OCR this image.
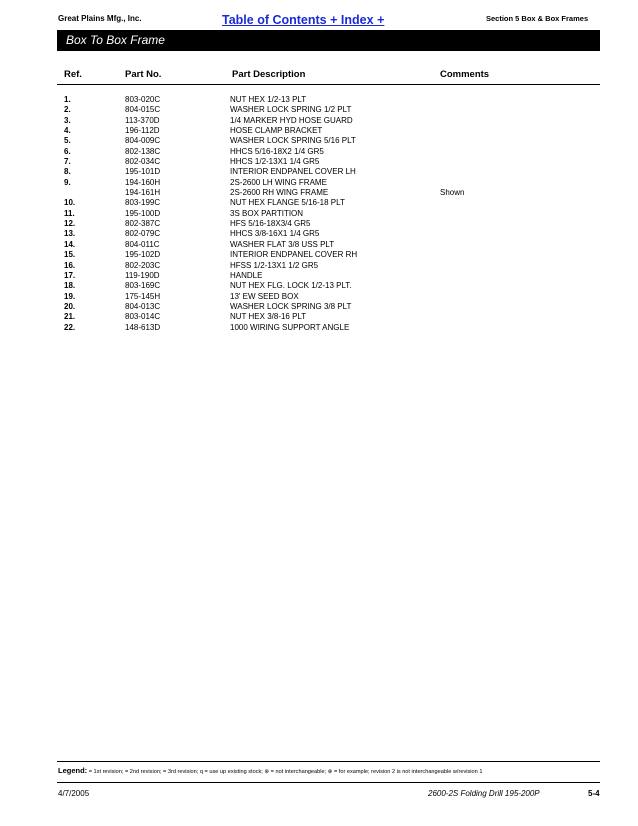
Great Plains Mfg., Inc.	Table of Contents + Index +	Section 5 Box & Box Frames
Box To Box Frame
Ref.	Part No.	Part Description	Comments
1.	803-020C	NUT HEX 1/2-13 PLT
2.	804-015C	WASHER LOCK SPRING 1/2 PLT
3.	113-370D	1/4 MARKER HYD HOSE GUARD
4.	196-112D	HOSE CLAMP BRACKET
5.	804-009C	WASHER LOCK SPRING 5/16 PLT
6.	802-138C	HHCS 5/16-18X2 1/4 GR5
7.	802-034C	HHCS 1/2-13X1 1/4 GR5
8.	195-101D	INTERIOR ENDPANEL COVER LH
9.	194-160H	2S-2600 LH WING FRAME
194-161H	2S-2600 RH WING FRAME	Shown
10.	803-199C	NUT HEX FLANGE 5/16-18 PLT
11.	195-100D	3S BOX PARTITION
12.	802-387C	HFS 5/16-18X3/4 GR5
13.	802-079C	HHCS 3/8-16X1 1/4 GR5
14.	804-011C	WASHER FLAT 3/8 USS PLT
15.	195-102D	INTERIOR ENDPANEL COVER RH
16.	802-203C	HFSS 1/2-13X1 1/2 GR5
17.	119-190D	HANDLE
18.	803-169C	NUT HEX FLG. LOCK 1/2-13 PLT.
19.	175-145H	13' EW SEED BOX
20.	804-013C	WASHER LOCK SPRING 3/8 PLT
21.	803-014C	NUT HEX 3/8-16 PLT
22.	148-613D	1000 WIRING SUPPORT ANGLE
Legend: = 1st revision; = 2nd revision; = 3rd revision; q = use up existing stock; ⊗ = not interchangeable; ⊗ = for example; revision 2 is not interchangeable w/revision 1
4/7/2005	2600-2S Folding Drill 195-200P	5-4
